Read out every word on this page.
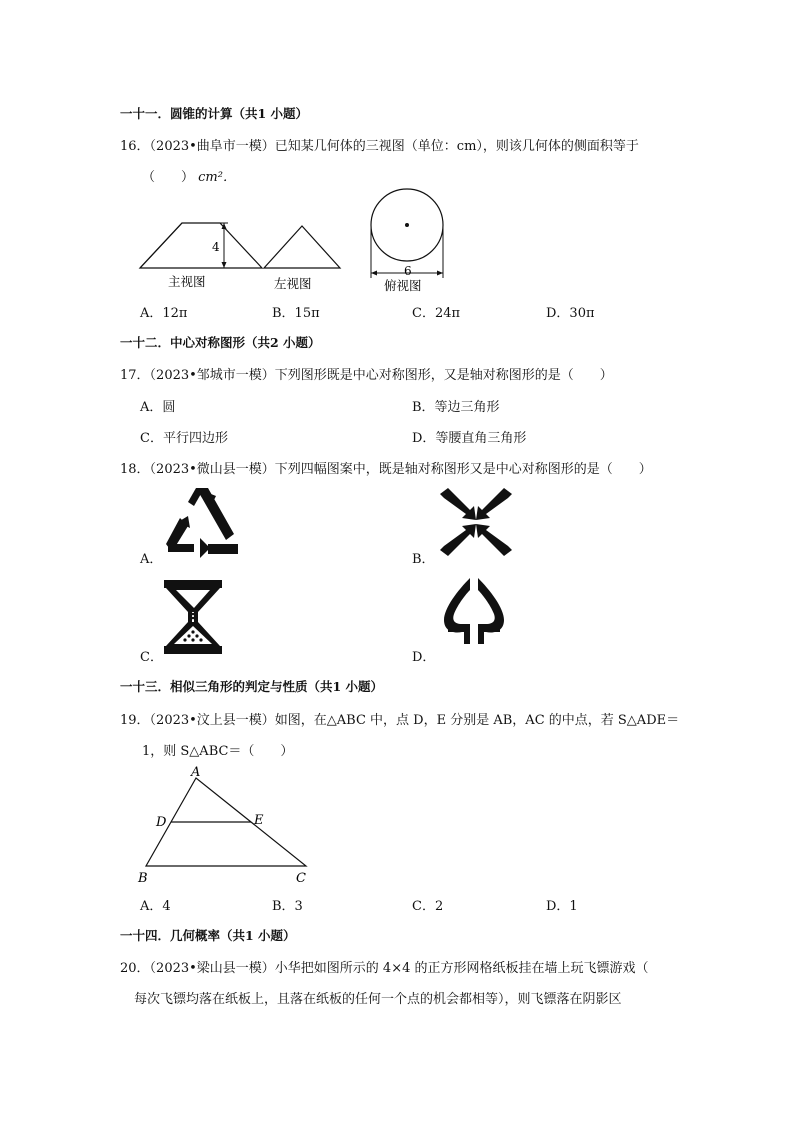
一十一．圆锥的计算（共1 小题）
16．（2023•曲阜市一模）已知某几何体的三视图（单位：cm），则该几何体的侧面积等于
（　　） cm²．
4
6
主视图	左视图	俯视图
A．12π	B．15π	C．24π	D．30π
一十二．中心对称图形（共2 小题）
17．（2023•邹城市一模）下列图形既是中心对称图形，又是轴对称图形的是（　　）
A．圆	B．等边三角形
C．平行四边形	D．等腰直角三角形
18．（2023•微山县一模）下列四幅图案中，既是轴对称图形又是中心对称图形的是（　　）
A．	B．
C．	D．
一十三．相似三角形的判定与性质（共1 小题）
19．（2023•汶上县一模）如图，在△ABC 中，点 D，E 分别是 AB，AC 的中点，若 S△ADE＝
1，则 S△ABC＝（　　）
A
D	E
B	C
A．4	B．3	C．2	D．1
一十四．几何概率（共1 小题）
20．（2023•梁山县一模）小华把如图所示的 4×4 的正方形网格纸板挂在墙上玩飞镖游戏（
每次飞镖均落在纸板上，且落在纸板的任何一个点的机会都相等），则飞镖落在阴影区
